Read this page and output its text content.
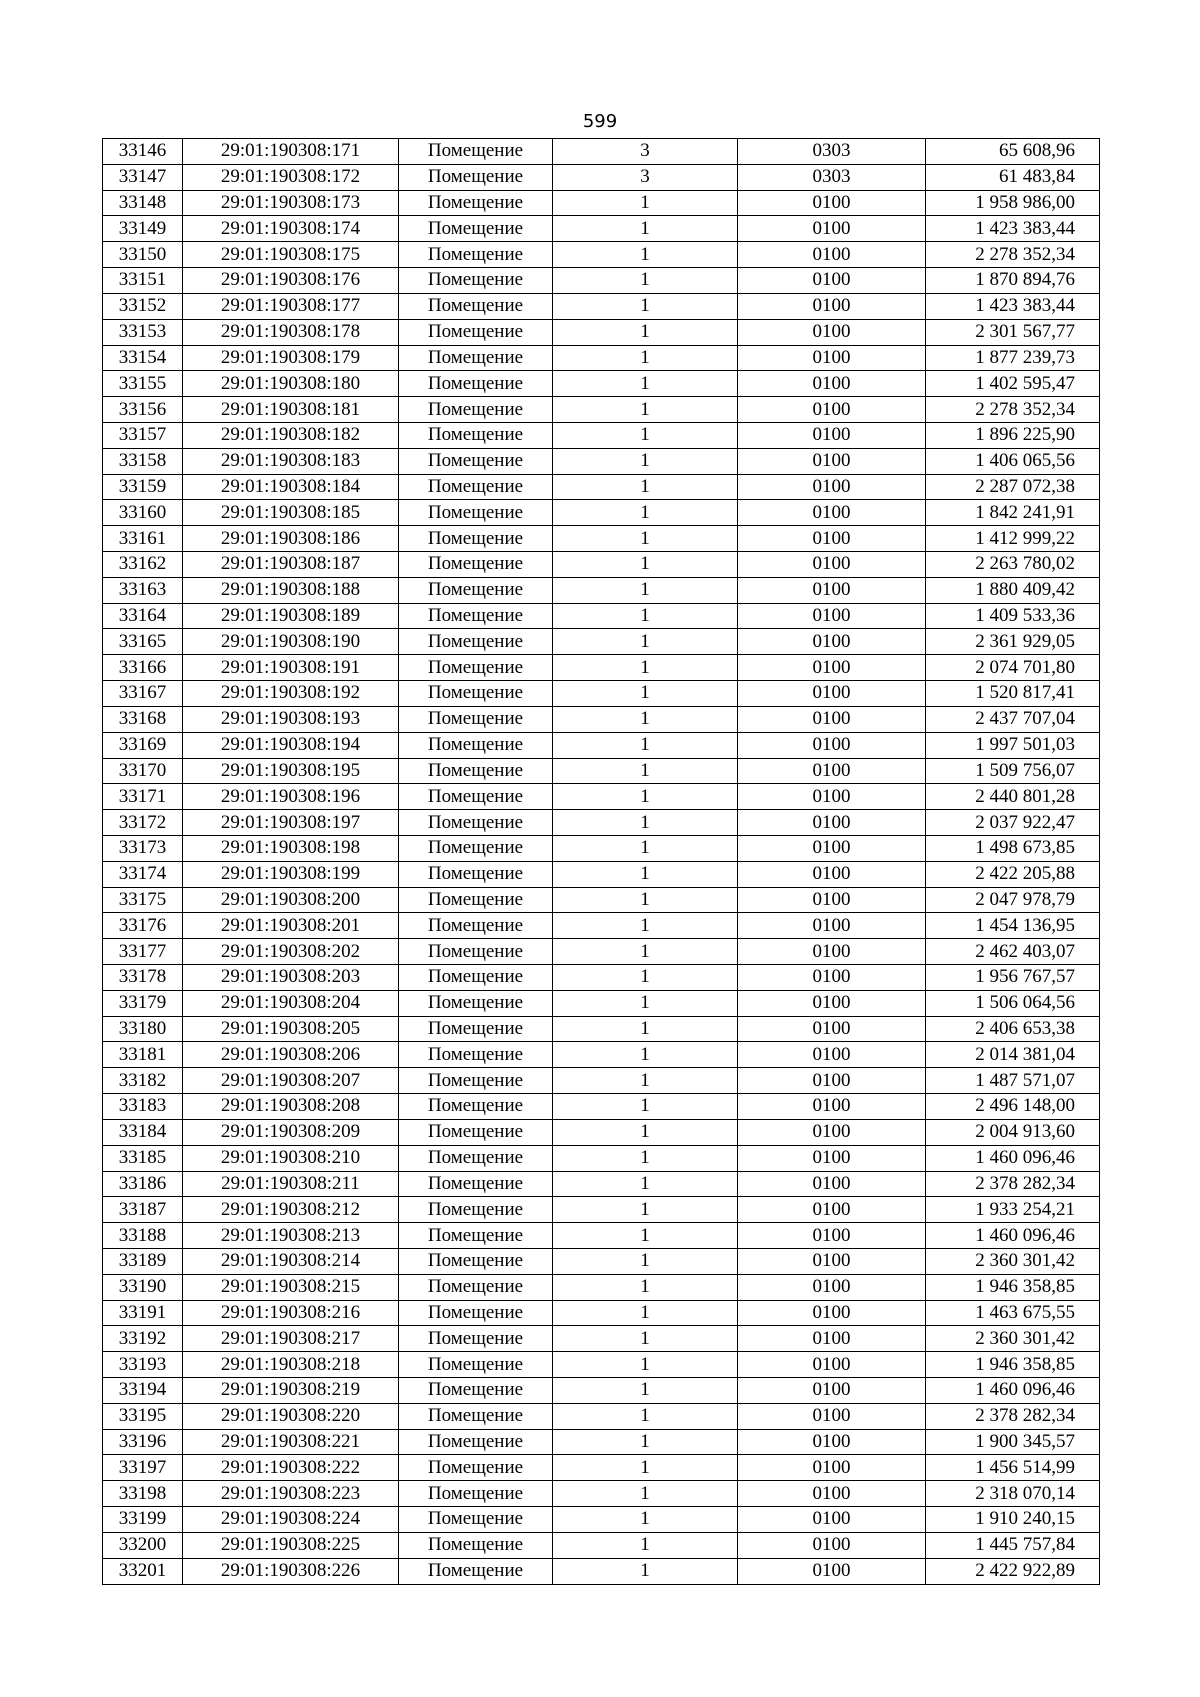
599
33146	29:01:190308:171	Помещение	3	0303	65 608,96
33147	29:01:190308:172	Помещение	3	0303	61 483,84
33148	29:01:190308:173	Помещение	1	0100	1 958 986,00
33149	29:01:190308:174	Помещение	1	0100	1 423 383,44
33150	29:01:190308:175	Помещение	1	0100	2 278 352,34
33151	29:01:190308:176	Помещение	1	0100	1 870 894,76
33152	29:01:190308:177	Помещение	1	0100	1 423 383,44
33153	29:01:190308:178	Помещение	1	0100	2 301 567,77
33154	29:01:190308:179	Помещение	1	0100	1 877 239,73
33155	29:01:190308:180	Помещение	1	0100	1 402 595,47
33156	29:01:190308:181	Помещение	1	0100	2 278 352,34
33157	29:01:190308:182	Помещение	1	0100	1 896 225,90
33158	29:01:190308:183	Помещение	1	0100	1 406 065,56
33159	29:01:190308:184	Помещение	1	0100	2 287 072,38
33160	29:01:190308:185	Помещение	1	0100	1 842 241,91
33161	29:01:190308:186	Помещение	1	0100	1 412 999,22
33162	29:01:190308:187	Помещение	1	0100	2 263 780,02
33163	29:01:190308:188	Помещение	1	0100	1 880 409,42
33164	29:01:190308:189	Помещение	1	0100	1 409 533,36
33165	29:01:190308:190	Помещение	1	0100	2 361 929,05
33166	29:01:190308:191	Помещение	1	0100	2 074 701,80
33167	29:01:190308:192	Помещение	1	0100	1 520 817,41
33168	29:01:190308:193	Помещение	1	0100	2 437 707,04
33169	29:01:190308:194	Помещение	1	0100	1 997 501,03
33170	29:01:190308:195	Помещение	1	0100	1 509 756,07
33171	29:01:190308:196	Помещение	1	0100	2 440 801,28
33172	29:01:190308:197	Помещение	1	0100	2 037 922,47
33173	29:01:190308:198	Помещение	1	0100	1 498 673,85
33174	29:01:190308:199	Помещение	1	0100	2 422 205,88
33175	29:01:190308:200	Помещение	1	0100	2 047 978,79
33176	29:01:190308:201	Помещение	1	0100	1 454 136,95
33177	29:01:190308:202	Помещение	1	0100	2 462 403,07
33178	29:01:190308:203	Помещение	1	0100	1 956 767,57
33179	29:01:190308:204	Помещение	1	0100	1 506 064,56
33180	29:01:190308:205	Помещение	1	0100	2 406 653,38
33181	29:01:190308:206	Помещение	1	0100	2 014 381,04
33182	29:01:190308:207	Помещение	1	0100	1 487 571,07
33183	29:01:190308:208	Помещение	1	0100	2 496 148,00
33184	29:01:190308:209	Помещение	1	0100	2 004 913,60
33185	29:01:190308:210	Помещение	1	0100	1 460 096,46
33186	29:01:190308:211	Помещение	1	0100	2 378 282,34
33187	29:01:190308:212	Помещение	1	0100	1 933 254,21
33188	29:01:190308:213	Помещение	1	0100	1 460 096,46
33189	29:01:190308:214	Помещение	1	0100	2 360 301,42
33190	29:01:190308:215	Помещение	1	0100	1 946 358,85
33191	29:01:190308:216	Помещение	1	0100	1 463 675,55
33192	29:01:190308:217	Помещение	1	0100	2 360 301,42
33193	29:01:190308:218	Помещение	1	0100	1 946 358,85
33194	29:01:190308:219	Помещение	1	0100	1 460 096,46
33195	29:01:190308:220	Помещение	1	0100	2 378 282,34
33196	29:01:190308:221	Помещение	1	0100	1 900 345,57
33197	29:01:190308:222	Помещение	1	0100	1 456 514,99
33198	29:01:190308:223	Помещение	1	0100	2 318 070,14
33199	29:01:190308:224	Помещение	1	0100	1 910 240,15
33200	29:01:190308:225	Помещение	1	0100	1 445 757,84
33201	29:01:190308:226	Помещение	1	0100	2 422 922,89
